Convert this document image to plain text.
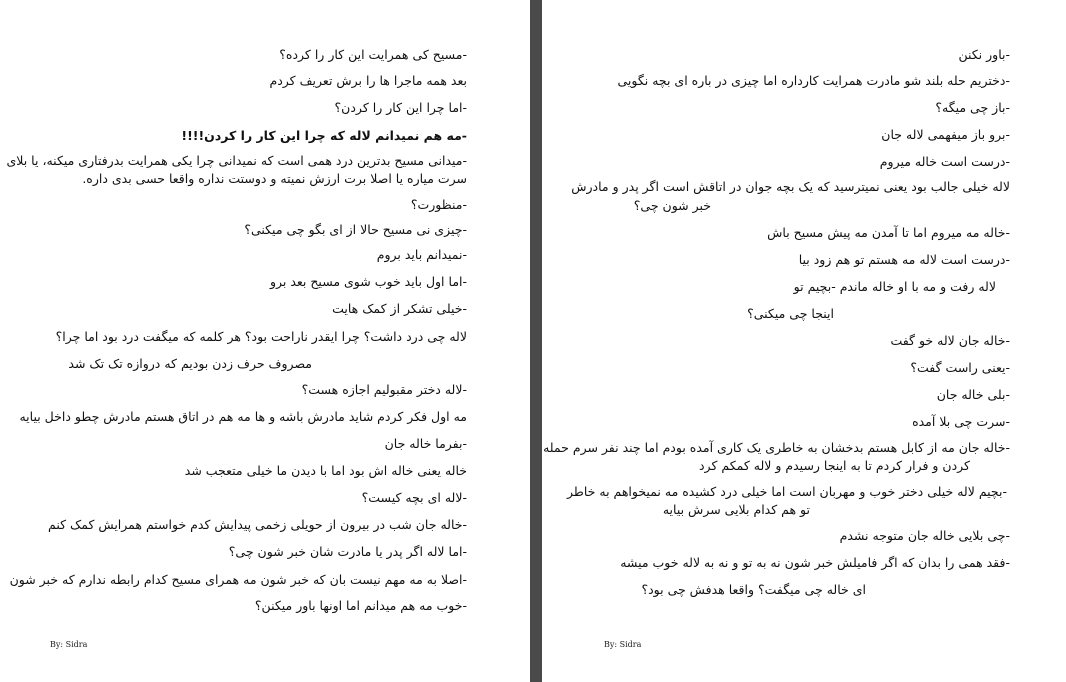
-مسیح کی همرایت این کار را کرده؟
بعد همه ماجرا ها را برش تعریف کردم
-اما چرا این کار را کردن؟
-مه هم نمیدانم لاله که چرا این کار را کردن!!!!
-میدانی مسیح بدترین درد همی است که نمیدانی چرا یکی همرایت بدرفتاری میکنه، یا بلای
سرت میاره یا اصلا برت ارزش نمیته و دوستت نداره واقعا حسی بدی داره.
-منظورت؟
-چیزی نی مسیح حالا از ای بگو چی میکنی؟
-نمیدانم باید بروم
-اما اول باید خوب شوی مسیح بعد برو
-خیلی تشکر از کمک هایت
لاله چی درد داشت؟ چرا ایقدر ناراحت بود؟ هر کلمه که میگفت درد بود اما چرا؟
مصروف حرف زدن بودیم که دروازه تک تک شد
-لاله دختر مقبولیم اجازه هست؟
مه اول فکر کردم شاید مادرش باشه و ها مه هم در اتاق هستم مادرش چطو داخل بیایه
-بفرما خاله جان
خاله یعنی خاله اش بود اما با دیدن ما خیلی متعجب شد
-لاله ای بچه کیست؟
-خاله جان شب در بیرون از حویلی زخمی پیدایش کدم خواستم همرایش کمک کنم
-اما لاله اگر پدر یا مادرت شان خبر شون چی؟
-اصلا به مه مهم نیست بان که خبر شون مه همرای مسیح کدام رابطه ندارم که خبر شون
-خوب مه هم میدانم اما اونها باور میکنن؟
By: Sidra
-باور نکنن
-دختریم حله بلند شو مادرت همرایت کارداره اما چیزی در باره ای بچه نگویی
-باز چی میگه؟
-برو باز میفهمی لاله جان
-درست است خاله میروم
لاله خیلی جالب بود یعنی نمیترسید که یک بچه جوان در اتاقش است اگر پدر و مادرش
خبر شون چی؟
-خاله مه میروم اما تا آمدن مه پیش مسیح باش
-درست است لاله مه هستم تو هم زود بیا
لاله رفت و مه با او خاله ماندم -بچیم تو
اینجا چی میکنی؟
-خاله جان لاله خو گفت
-یعنی راست گفت؟
-بلی خاله جان
-سرت چی بلا آمده
-خاله جان مه از کابل هستم بدخشان به خاطری یک کاری آمده بودم اما چند نفر سرم حمله
کردن و فرار کردم تا به اینجا رسیدم و لاله کمکم کرد
-بچیم لاله خیلی دختر خوب و مهربان است اما خیلی درد کشیده مه نمیخواهم به خاطر
تو هم کدام بلایی سرش بیایه
-چی بلایی خاله جان متوجه نشدم
-فقد همی را بدان که اگر فامیلش خبر شون نه به تو و نه به لاله خوب میشه
ای خاله چی میگفت؟ واقعا هدفش چی بود؟
By: Sidra
